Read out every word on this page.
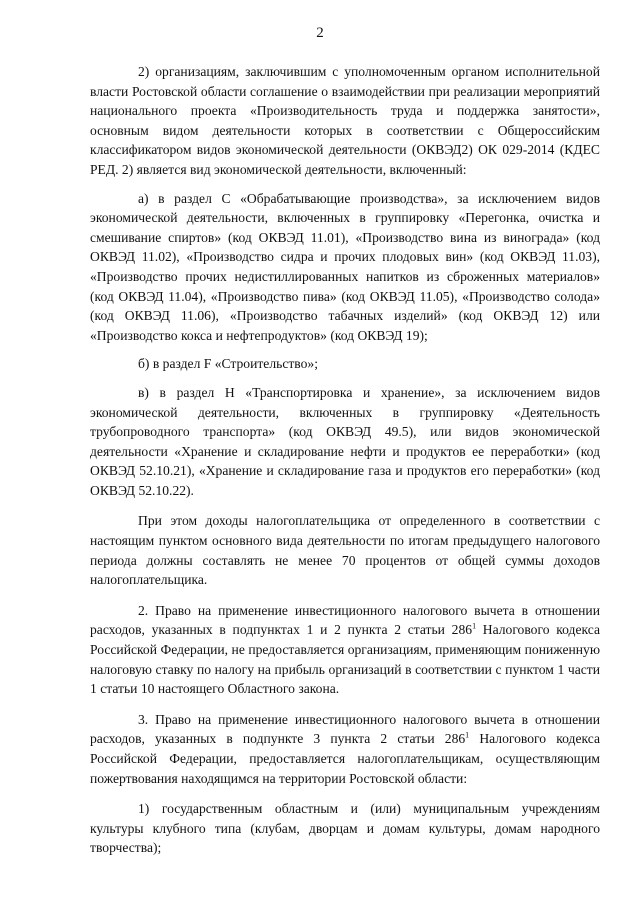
2

2) организациям, заключившим с уполномоченным органом исполнительной власти Ростовской области соглашение о взаимодействии при реализации мероприятий национального проекта «Производительность труда и поддержка занятости», основным видом деятельности которых в соответствии с Общероссийским классификатором видов экономической деятельности (ОКВЭД2) ОК 029-2014 (КДЕС РЕД. 2) является вид экономической деятельности, включенный:

а) в раздел C «Обрабатывающие производства», за исключением видов экономической деятельности, включенных в группировку «Перегонка, очистка и смешивание спиртов» (код ОКВЭД 11.01), «Производство вина из винограда» (код ОКВЭД 11.02), «Производство сидра и прочих плодовых вин» (код ОКВЭД 11.03), «Производство прочих недистиллированных напитков из сброженных материалов» (код ОКВЭД 11.04), «Производство пива» (код ОКВЭД 11.05), «Производство солода» (код ОКВЭД 11.06), «Производство табачных изделий» (код ОКВЭД 12) или «Производство кокса и нефтепродуктов» (код ОКВЭД 19);

б) в раздел F «Строительство»;

в) в раздел H «Транспортировка и хранение», за исключением видов экономической деятельности, включенных в группировку «Деятельность трубопроводного транспорта» (код ОКВЭД 49.5), или видов экономической деятельности «Хранение и складирование нефти и продуктов ее переработки» (код ОКВЭД 52.10.21), «Хранение и складирование газа и продуктов его переработки» (код ОКВЭД 52.10.22).

При этом доходы налогоплательщика от определенного в соответствии с настоящим пунктом основного вида деятельности по итогам предыдущего налогового периода должны составлять не менее 70 процентов от общей суммы доходов налогоплательщика.

2. Право на применение инвестиционного налогового вычета в отношении расходов, указанных в подпунктах 1 и 2 пункта 2 статьи $286^1$ Налогового кодекса Российской Федерации, не предоставляется организациям, применяющим пониженную налоговую ставку по налогу на прибыль организаций в соответствии с пунктом 1 части 1 статьи 10 настоящего Областного закона.

3. Право на применение инвестиционного налогового вычета в отношении расходов, указанных в подпункте 3 пункта 2 статьи $286^1$ Налогового кодекса Российской Федерации, предоставляется налогоплательщикам, осуществляющим пожертвования находящимся на территории Ростовской области:

1) государственным областным и (или) муниципальным учреждениям культуры клубного типа (клубам, дворцам и домам культуры, домам народного творчества);
